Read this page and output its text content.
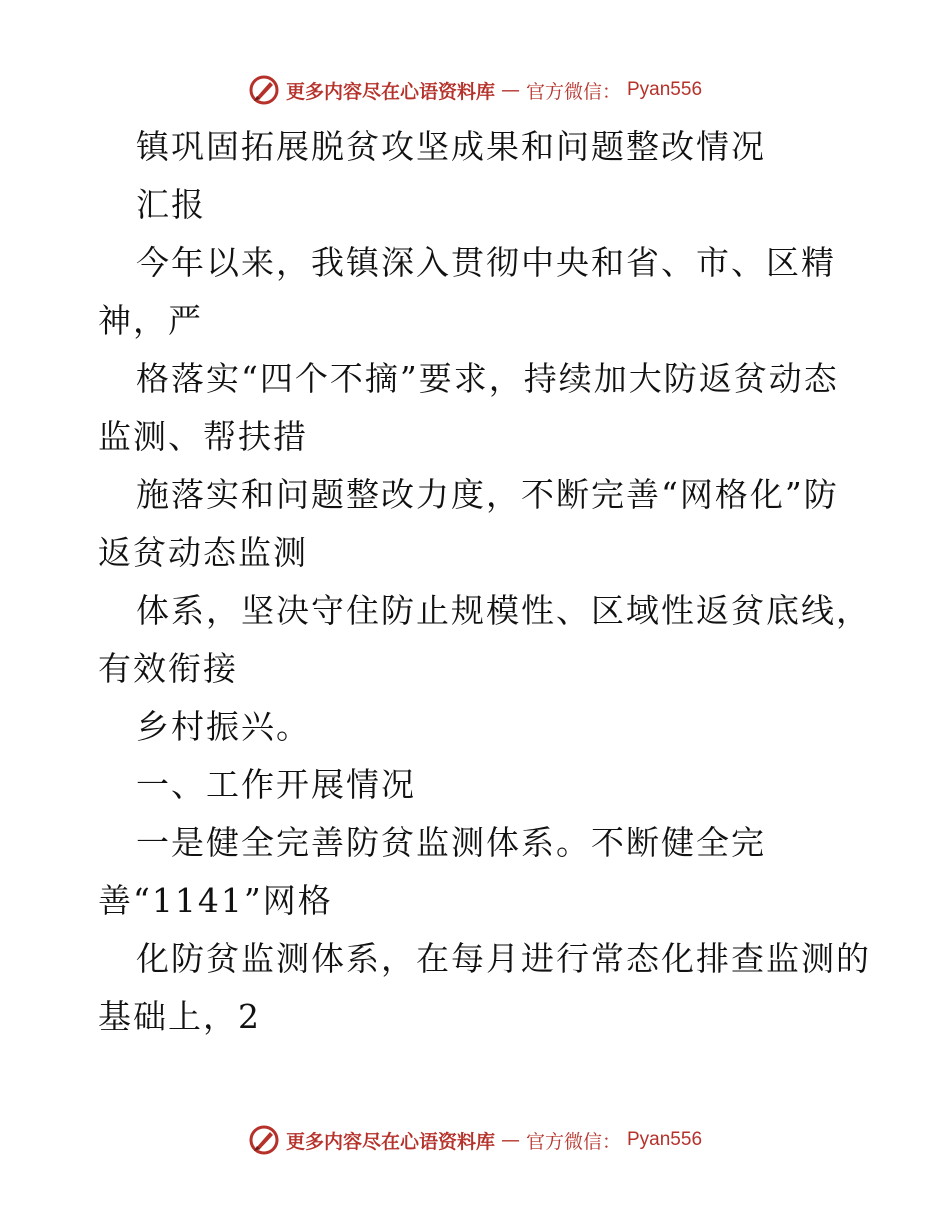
更多内容尽在心语资料库 — 官方微信： Pyan556
镇巩固拓展脱贫攻坚成果和问题整改情况
汇报
今年以来，我镇深入贯彻中央和省、市、区精
神，严
格落实“四个不摘”要求，持续加大防返贫动态
监测、帮扶措
施落实和问题整改力度，不断完善“网格化”防
返贫动态监测
体系，坚决守住防止规模性、区域性返贫底线，
有效衔接
乡村振兴。
一、工作开展情况
一是健全完善防贫监测体系。不断健全完
善“1141”网格
化防贫监测体系，在每月进行常态化排查监测的
基础上，2
更多内容尽在心语资料库 — 官方微信： Pyan556
